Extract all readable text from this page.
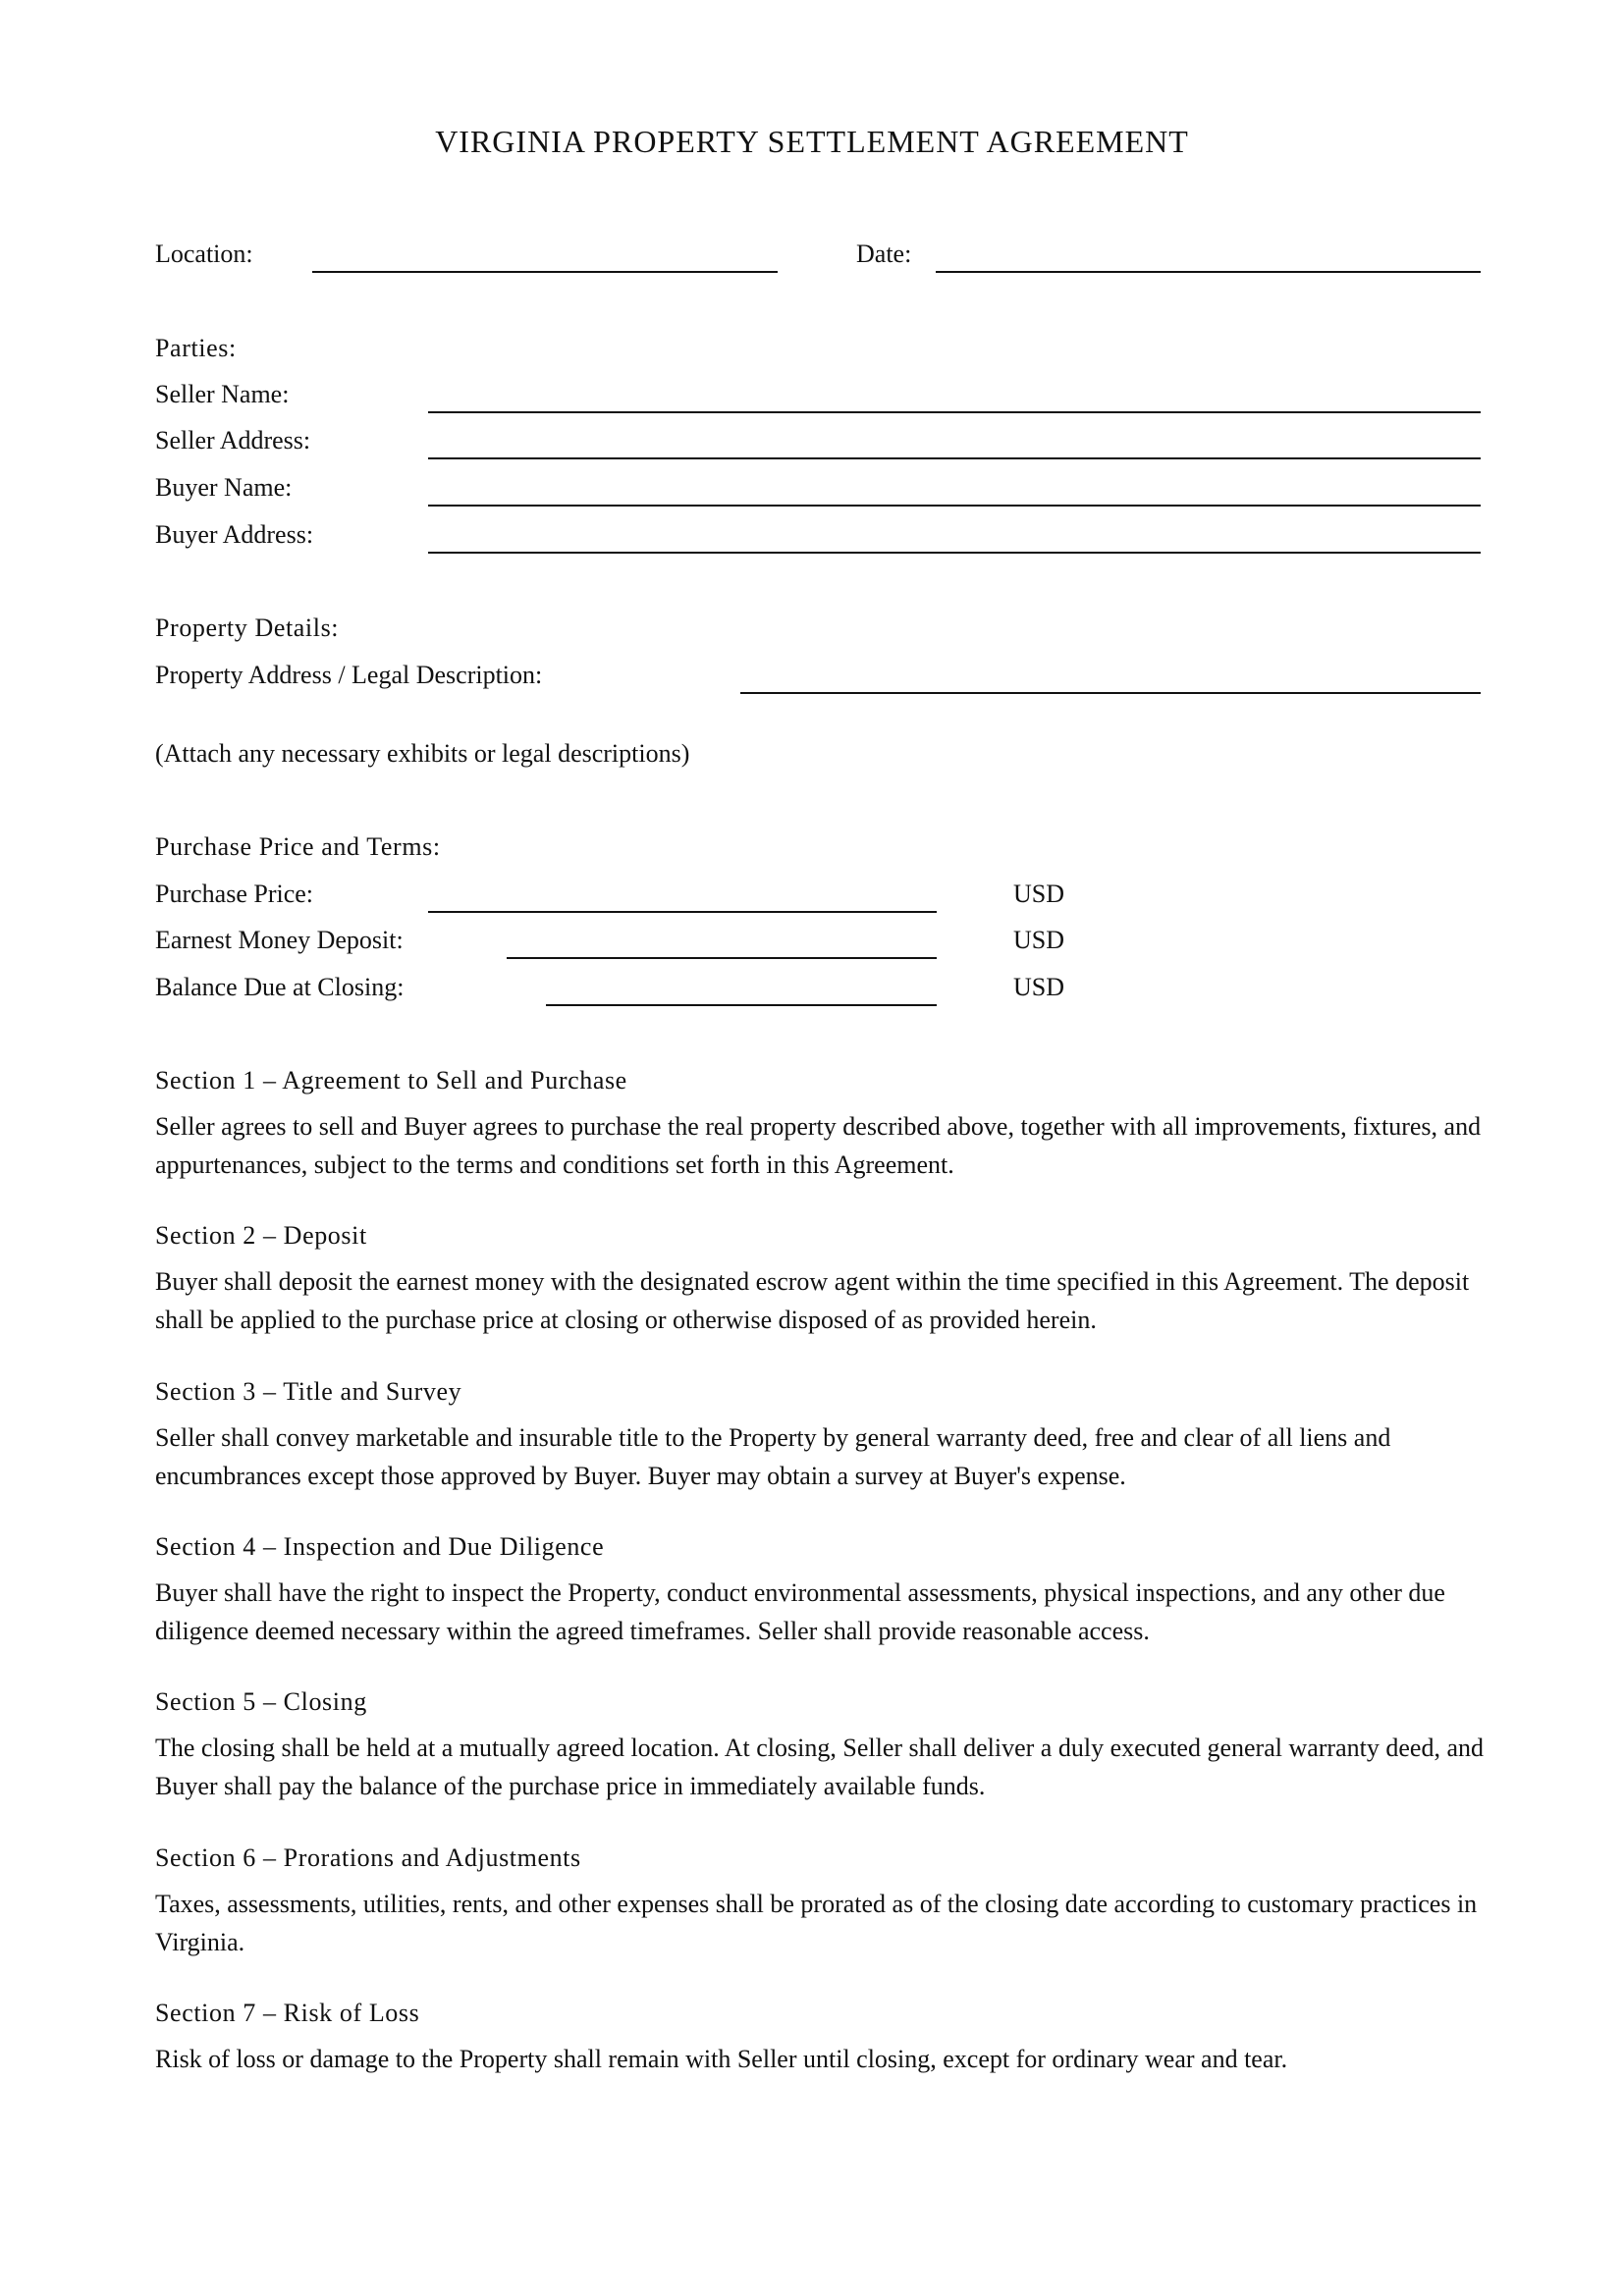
VIRGINIA PROPERTY SETTLEMENT AGREEMENT
Location:	Date:
Parties:
Seller Name:
Seller Address:
Buyer Name:
Buyer Address:
Property Details:
Property Address / Legal Description:
(Attach any necessary exhibits or legal descriptions)
Purchase Price and Terms:
Purchase Price:	USD
Earnest Money Deposit:	USD
Balance Due at Closing:	USD
Section 1 – Agreement to Sell and Purchase
Seller agrees to sell and Buyer agrees to purchase the real property described above, together with all improvements, fixtures, and appurtenances, subject to the terms and conditions set forth in this Agreement.
Section 2 – Deposit
Buyer shall deposit the earnest money with the designated escrow agent within the time specified in this Agreement. The deposit shall be applied to the purchase price at closing or otherwise disposed of as provided herein.
Section 3 – Title and Survey
Seller shall convey marketable and insurable title to the Property by general warranty deed, free and clear of all liens and encumbrances except those approved by Buyer. Buyer may obtain a survey at Buyer's expense.
Section 4 – Inspection and Due Diligence
Buyer shall have the right to inspect the Property, conduct environmental assessments, physical inspections, and any other due diligence deemed necessary within the agreed timeframes. Seller shall provide reasonable access.
Section 5 – Closing
The closing shall be held at a mutually agreed location. At closing, Seller shall deliver a duly executed general warranty deed, and Buyer shall pay the balance of the purchase price in immediately available funds.
Section 6 – Prorations and Adjustments
Taxes, assessments, utilities, rents, and other expenses shall be prorated as of the closing date according to customary practices in Virginia.
Section 7 – Risk of Loss
Risk of loss or damage to the Property shall remain with Seller until closing, except for ordinary wear and tear.
